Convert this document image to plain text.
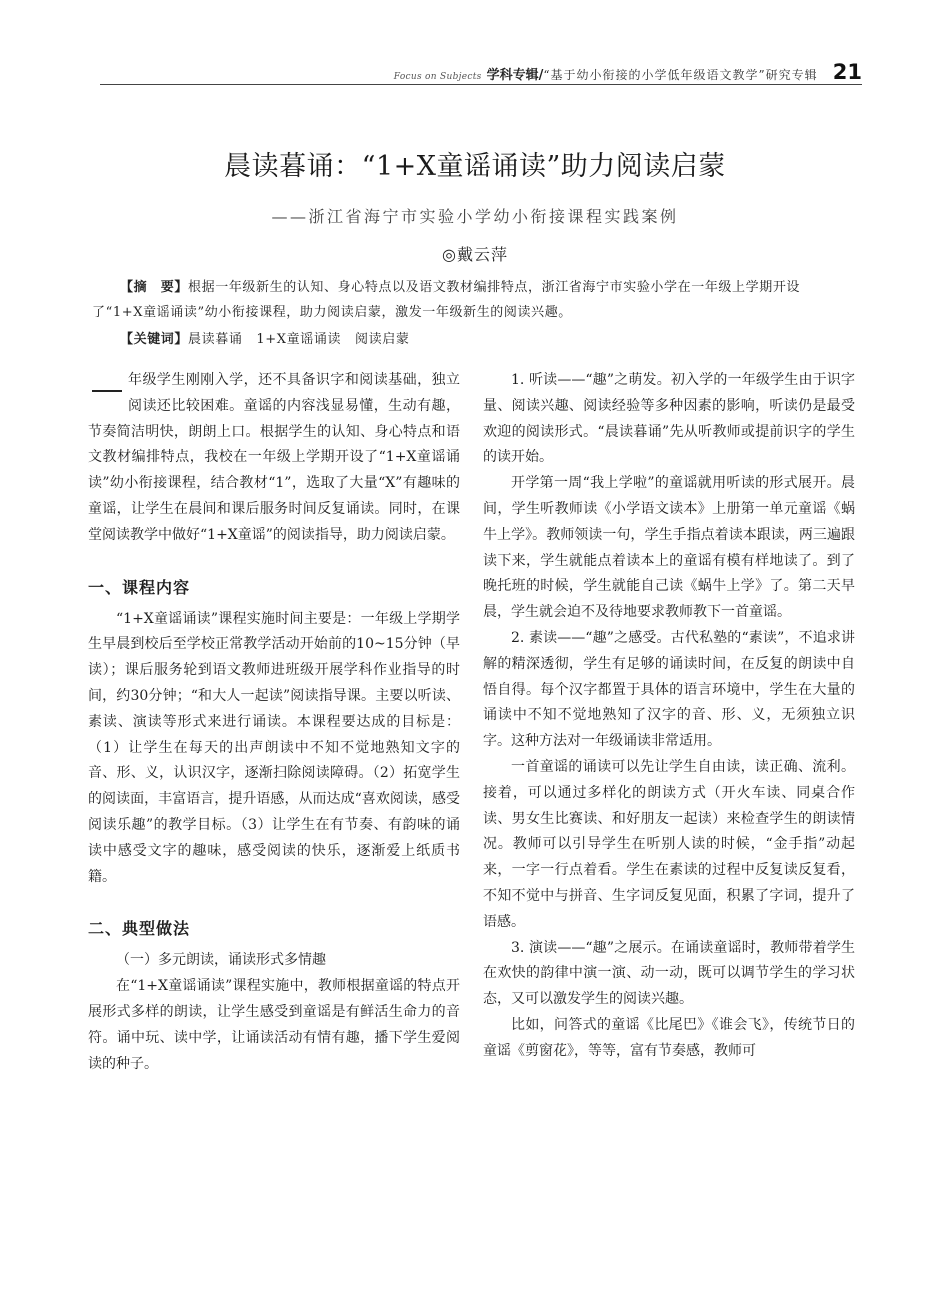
Focus on Subjects 学科专辑/“基于幼小衔接的小学低年级语文教学”研究专辑 21
晨读暮诵：“1+X童谣诵读”助力阅读启蒙
——浙江省海宁市实验小学幼小衔接课程实践案例
◎戴云萍
【摘　要】根据一年级新生的认知、身心特点以及语文教材编排特点，浙江省海宁市实验小学在一年级上学期开设了“1+X童谣诵读”幼小衔接课程，助力阅读启蒙，激发一年级新生的阅读兴趣。
【关键词】晨读暮诵 1+X童谣诵读 阅读启蒙

年级学生刚刚入学，还不具备识字和阅读基础，独立阅读还比较困难。童谣的内容浅显易懂，生动有趣，节奏简洁明快，朗朗上口。根据学生的认知、身心特点和语文教材编排特点，我校在一年级上学期开设了“1+X童谣诵读”幼小衔接课程，结合教材“1”，选取了大量“X”有趣味的童谣，让学生在晨间和课后服务时间反复诵读。同时，在课堂阅读教学中做好“1+X童谣”的阅读指导，助力阅读启蒙。

一、课程内容

“1+X童谣诵读”课程实施时间主要是：一年级上学期学生早晨到校后至学校正常教学活动开始前的10~15分钟（早读）；课后服务轮到语文教师进班级开展学科作业指导的时间，约30分钟；“和大人一起读”阅读指导课。主要以听读、素读、演读等形式来进行诵读。本课程要达成的目标是：（1）让学生在每天的出声朗读中不知不觉地熟知文字的音、形、义，认识汉字，逐渐扫除阅读障碍。（2）拓宽学生的阅读面，丰富语言，提升语感，从而达成“喜欢阅读，感受阅读乐趣”的教学目标。（3）让学生在有节奏、有韵味的诵读中感受文字的趣味，感受阅读的快乐，逐渐爱上纸质书籍。

二、典型做法
（一）多元朗读，诵读形式多情趣

在“1+X童谣诵读”课程实施中，教师根据童谣的特点开展形式多样的朗读，让学生感受到童谣是有鲜活生命力的音符。诵中玩、读中学，让诵读活动有情有趣，播下学生爱阅读的种子。

1. 听读——“趣”之萌发。初入学的一年级学生由于识字量、阅读兴趣、阅读经验等多种因素的影响，听读仍是最受欢迎的阅读形式。“晨读暮诵”先从听教师或提前识字的学生的读开始。

开学第一周“我上学啦”的童谣就用听读的形式展开。晨间，学生听教师读《小学语文读本》上册第一单元童谣《蜗牛上学》。教师领读一句，学生手指点着读本跟读，两三遍跟读下来，学生就能点着读本上的童谣有模有样地读了。到了晚托班的时候，学生就能自己读《蜗牛上学》了。第二天早晨，学生就会迫不及待地要求教师教下一首童谣。

2. 素读——“趣”之感受。古代私塾的“素读”，不追求讲解的精深透彻，学生有足够的诵读时间，在反复的朗读中自悟自得。每个汉字都置于具体的语言环境中，学生在大量的诵读中不知不觉地熟知了汉字的音、形、义，无须独立识字。这种方法对一年级诵读非常适用。

一首童谣的诵读可以先让学生自由读，读正确、流利。接着，可以通过多样化的朗读方式（开火车读、同桌合作读、男女生比赛读、和好朋友一起读）来检查学生的朗读情况。教师可以引导学生在听别人读的时候，“金手指”动起来，一字一行点着看。学生在素读的过程中反复读反复看，不知不觉中与拼音、生字词反复见面，积累了字词，提升了语感。

3. 演读——“趣”之展示。在诵读童谣时，教师带着学生在欢快的韵律中演一演、动一动，既可以调节学生的学习状态，又可以激发学生的阅读兴趣。

比如，问答式的童谣《比尾巴》《谁会飞》，传统节日的童谣《剪窗花》，等等，富有节奏感，教师可
